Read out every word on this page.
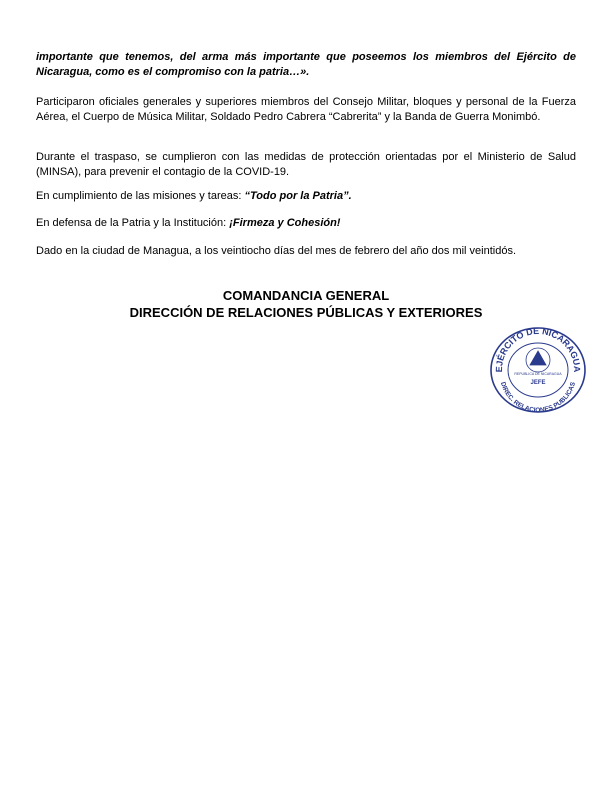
importante que tenemos, del arma más importante que poseemos los miembros del Ejército de Nicaragua, como es el compromiso con la patria…».

Participaron oficiales generales y superiores miembros del Consejo Militar, bloques y personal de la Fuerza Aérea, el Cuerpo de Música Militar, Soldado Pedro Cabrera “Cabrerita” y la Banda de Guerra Monimbó.

Durante el traspaso, se cumplieron con las medidas de protección orientadas por el Ministerio de Salud (MINSA), para prevenir el contagio de la COVID-19.

En cumplimiento de las misiones y tareas: “Todo por la Patria”.

En defensa de la Patria y la Institución: ¡Firmeza y Cohesión!

Dado en la ciudad de Managua, a los veintiocho días del mes de febrero del año dos mil veintidós.

COMANDANCIA GENERAL
DIRECCIÓN DE RELACIONES PÚBLICAS Y EXTERIORES
EJÉRCITO DE NICARAGUA
DIREC. RELACIONES PUBLICAS
REPUBLICA DE NICARAGUA
JEFE
